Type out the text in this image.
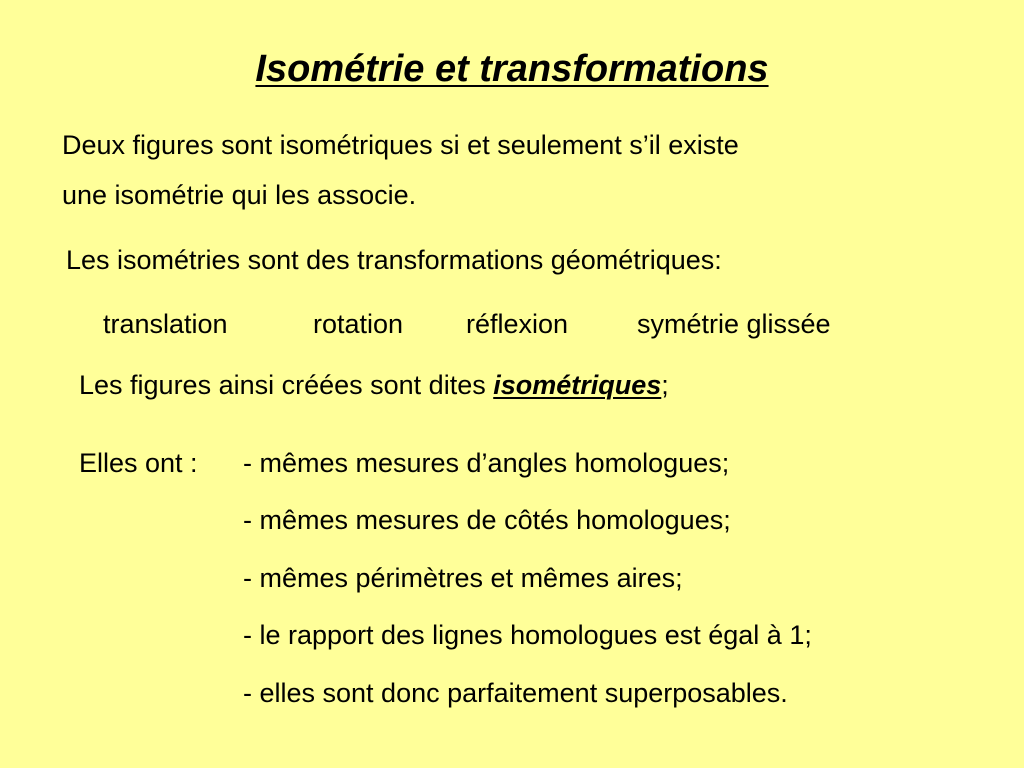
Isométrie et transformations
Deux figures sont isométriques si et seulement s’il existe
une isométrie qui les associe.
Les isométries sont des transformations géométriques:
translation	rotation réflexion	symétrie glissée
Les figures ainsi créées sont dites isométriques;
Elles ont : - mêmes mesures d’angles homologues;
- mêmes mesures de côtés homologues;
- mêmes périmètres et mêmes aires;
- le rapport des lignes homologues est égal à 1;
- elles sont donc parfaitement superposables.
